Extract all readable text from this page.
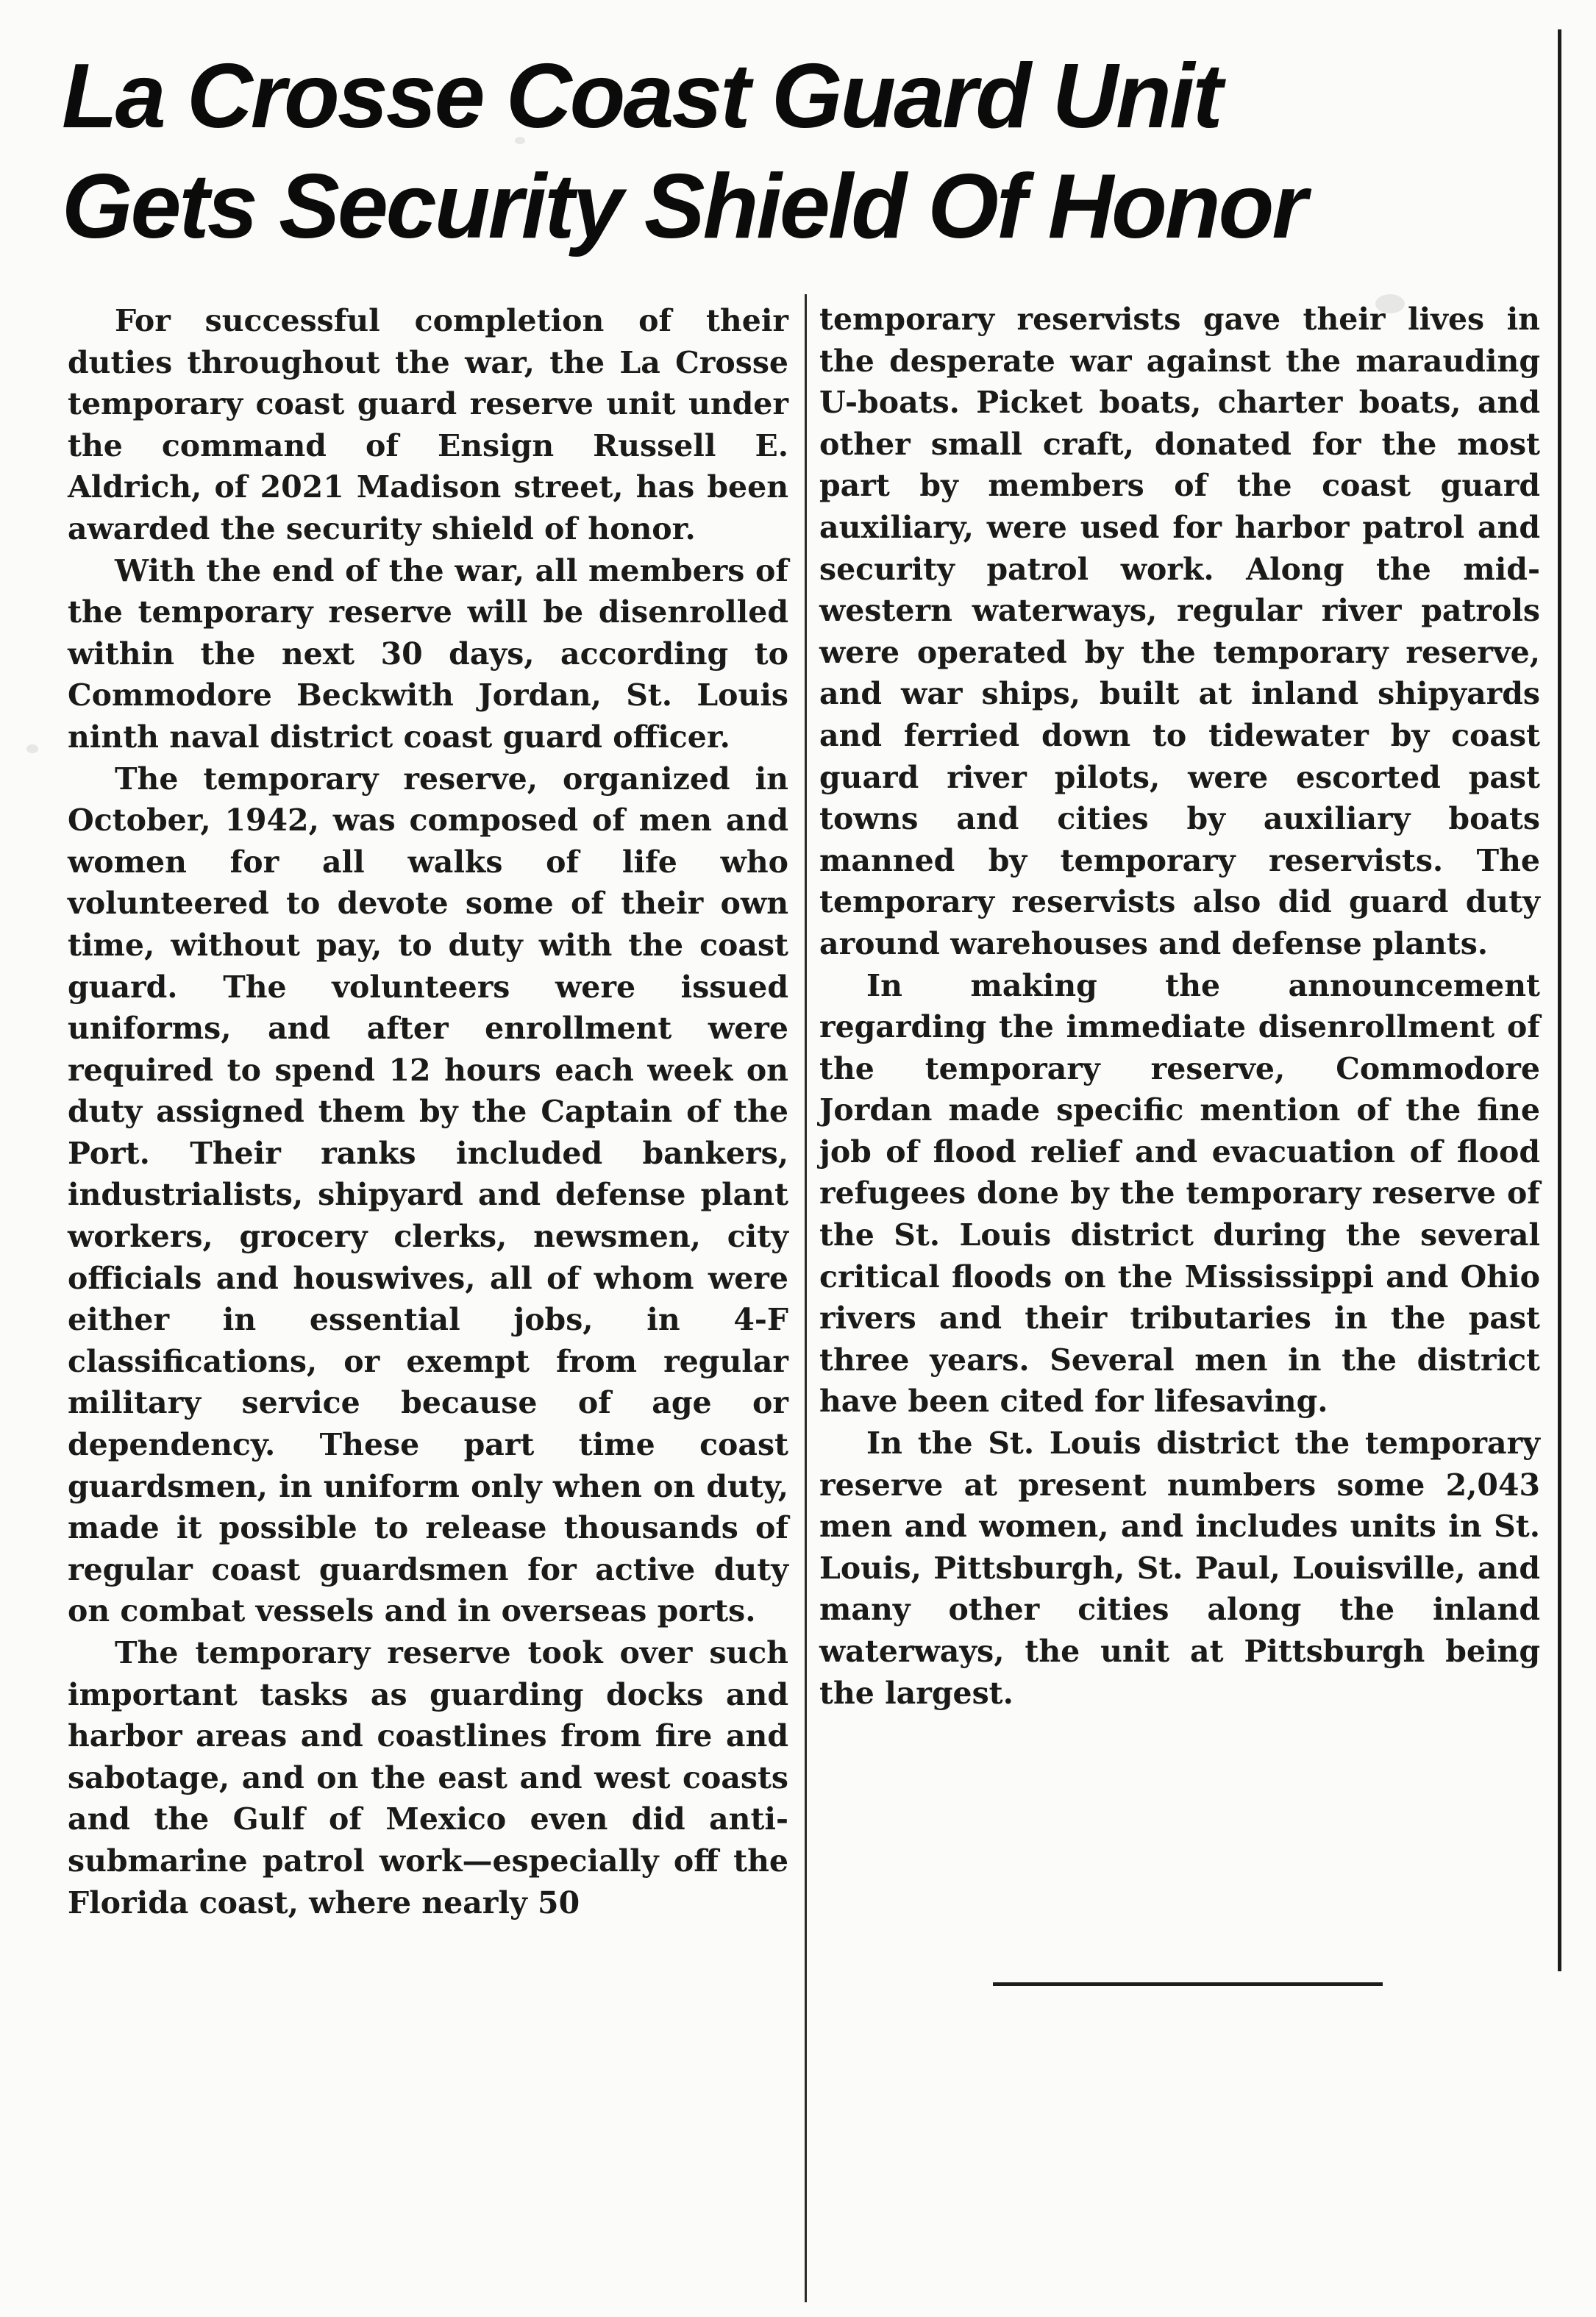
La Crosse Coast Guard Unit
Gets Security Shield Of Honor

For successful completion of their duties throughout the war, the La Crosse temporary coast guard reserve unit under the command of Ensign Russell E. Aldrich, of 2021 Madison street, has been awarded the security shield of honor.

With the end of the war, all members of the temporary reserve will be disenrolled within the next 30 days, according to Commodore Beckwith Jordan, St. Louis ninth naval district coast guard officer.

The temporary reserve, organized in October, 1942, was composed of men and women for all walks of life who volunteered to devote some of their own time, without pay, to duty with the coast guard. The volunteers were issued uniforms, and after enrollment were required to spend 12 hours each week on duty assigned them by the Captain of the Port. Their ranks included bankers, industrialists, shipyard and defense plant workers, grocery clerks, newsmen, city officials and houswives, all of whom were either in essential jobs, in 4-F classifications, or exempt from regular military service because of age or dependency. These part time coast guardsmen, in uniform only when on duty, made it possible to release thousands of regular coast guardsmen for active duty on combat vessels and in overseas ports.

The temporary reserve took over such important tasks as guarding docks and harbor areas and coastlines from fire and sabotage, and on the east and west coasts and the Gulf of Mexico even did anti-submarine patrol work—especially off the Florida coast, where nearly 50

temporary reservists gave their lives in the desperate war against the marauding U-boats. Picket boats, charter boats, and other small craft, donated for the most part by members of the coast guard auxiliary, were used for harbor patrol and security patrol work. Along the mid-western waterways, regular river patrols were operated by the temporary reserve, and war ships, built at inland shipyards and ferried down to tidewater by coast guard river pilots, were escorted past towns and cities by auxiliary boats manned by temporary reservists. The temporary reservists also did guard duty around warehouses and defense plants.

In making the announcement regarding the immediate disenrollment of the temporary reserve, Commodore Jordan made specific mention of the fine job of flood relief and evacuation of flood refugees done by the temporary reserve of the St. Louis district during the several critical floods on the Mississippi and Ohio rivers and their tributaries in the past three years. Several men in the district have been cited for lifesaving.

In the St. Louis district the temporary reserve at present numbers some 2,043 men and women, and includes units in St. Louis, Pittsburgh, St. Paul, Louisville, and many other cities along the inland waterways, the unit at Pittsburgh being the largest.
